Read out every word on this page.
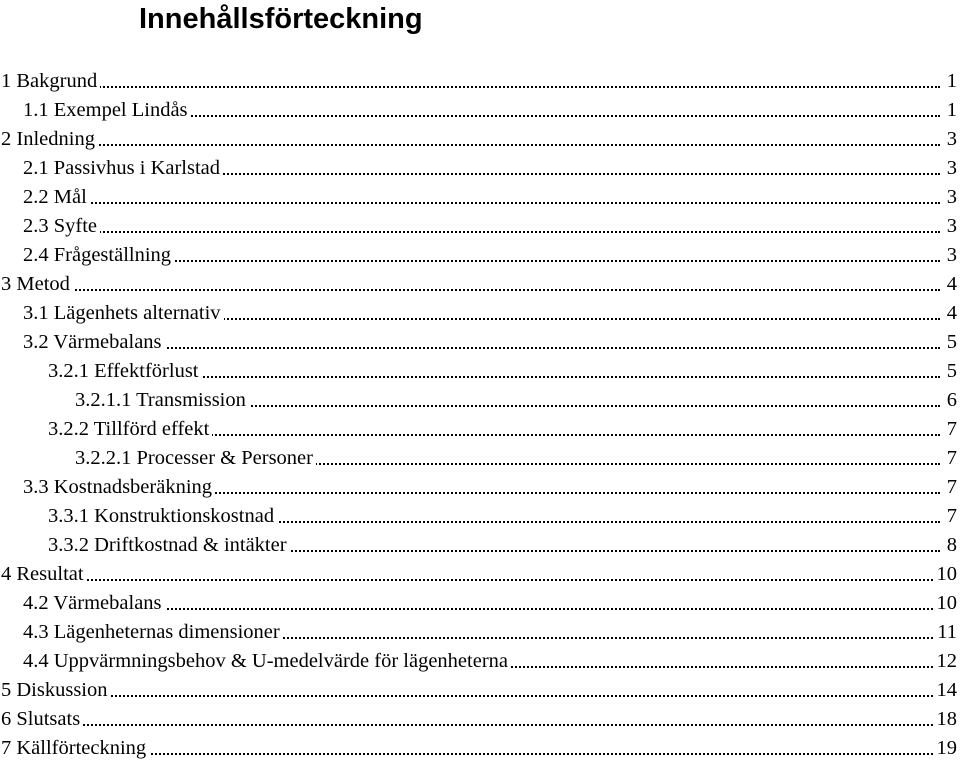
Innehållsförteckning
1 Bakgrund	1
1.1 Exempel Lindås	1
2 Inledning	3
2.1 Passivhus i Karlstad	3
2.2 Mål	3
2.3 Syfte	3
2.4 Frågeställning	3
3 Metod	4
3.1 Lägenhets alternativ	4
3.2 Värmebalans	5
3.2.1 Effektförlust	5
3.2.1.1 Transmission	6
3.2.2 Tillförd effekt	7
3.2.2.1 Processer & Personer	7
3.3 Kostnadsberäkning	7
3.3.1 Konstruktionskostnad	7
3.3.2 Driftkostnad & intäkter	8
4 Resultat	10
4.2 Värmebalans	10
4.3 Lägenheternas dimensioner	11
4.4 Uppvärmningsbehov & U-medelvärde för lägenheterna	12
5 Diskussion	14
6 Slutsats	18
7 Källförteckning	19
